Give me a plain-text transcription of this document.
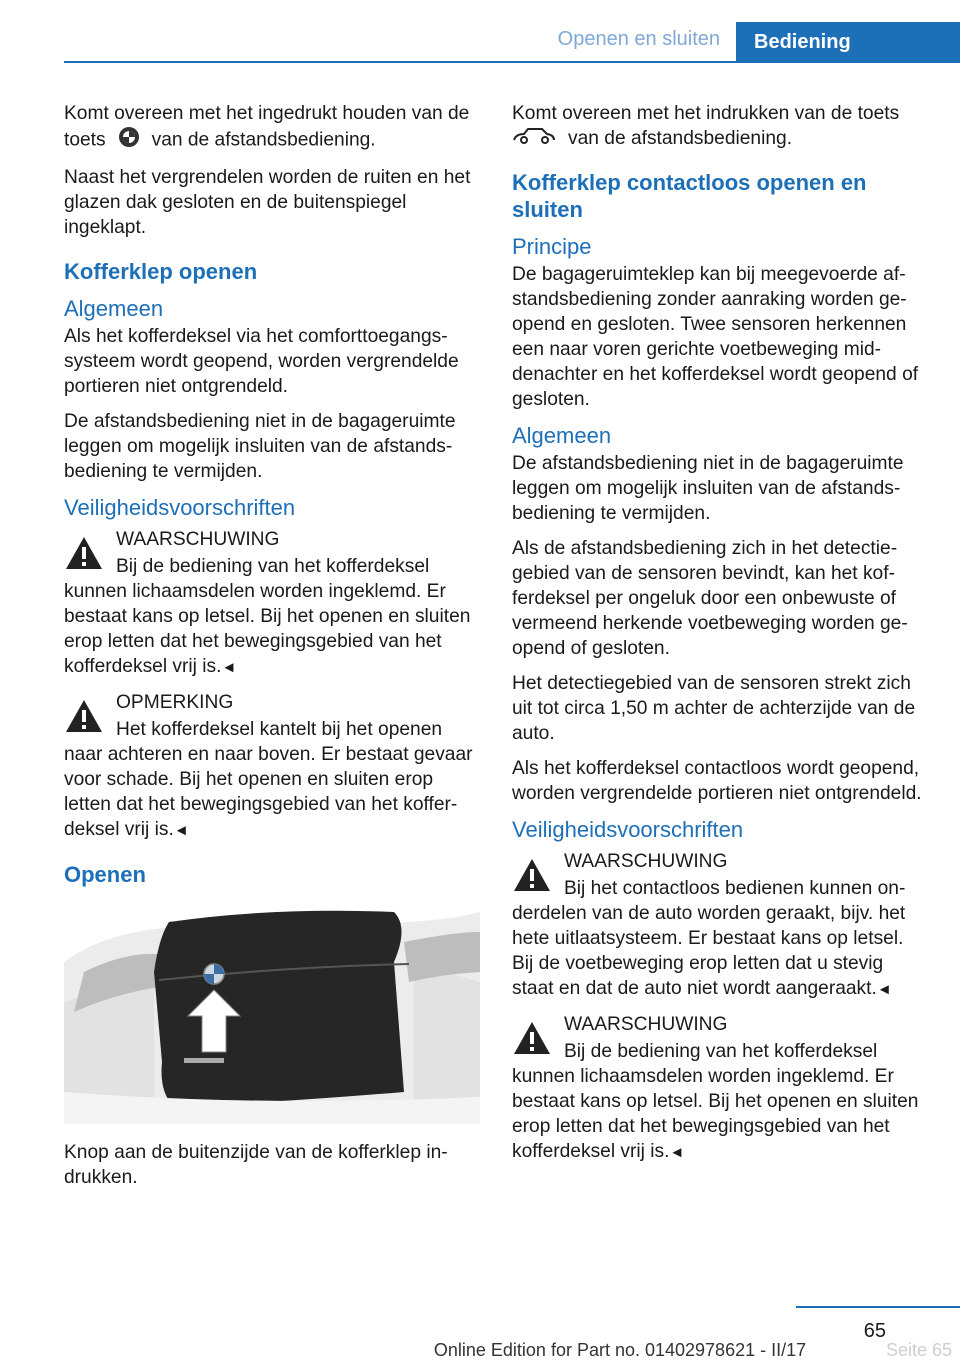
Openen en sluiten	Bediening

Komt overeen met het ingedrukt houden van de toets van de afstandsbediening.

Naast het vergrendelen worden de ruiten en het glazen dak gesloten en de buitenspiegel ingeklapt.

Kofferklep openen
Algemeen

Als het kofferdeksel via het comforttoegangssysteem wordt geopend, worden vergrendelde portieren niet ontgrendeld.

De afstandsbediening niet in de bagageruimte leggen om mogelijk insluiten van de afstandsbediening te vermijden.

Veiligheidsvoorschriften
WAARSCHUWING
Bij de bediening van het kofferdeksel kunnen lichaamsdelen worden ingeklemd. Er bestaat kans op letsel. Bij het openen en sluiten erop letten dat het bewegingsgebied van het kofferdeksel vrij is.◄
OPMERKING
Het kofferdeksel kantelt bij het openen naar achteren en naar boven. Er bestaat gevaar voor schade. Bij het openen en sluiten erop letten dat het bewegingsgebied van het kofferdeksel vrij is.◄
Openen

Knop aan de buitenzijde van de kofferklep indrukken.

Komt overeen met het indrukken van de toets
van de afstandsbediening.

Kofferklep contactloos openen en sluiten
Principe

De bagageruimteklep kan bij meegevoerde afstandsbediening zonder aanraking worden geopend en gesloten. Twee sensoren herkennen een naar voren gerichte voetbeweging middenachter en het kofferdeksel wordt geopend of gesloten.

Algemeen

De afstandsbediening niet in de bagageruimte leggen om mogelijk insluiten van de afstandsbediening te vermijden.

Als de afstandsbediening zich in het detectiegebied van de sensoren bevindt, kan het kofferdeksel per ongeluk door een onbewuste of vermeend herkende voetbeweging worden geopend of gesloten.

Het detectiegebied van de sensoren strekt zich uit tot circa 1,50 m achter de achterzijde van de auto.

Als het kofferdeksel contactloos wordt geopend, worden vergrendelde portieren niet ontgrendeld.

Veiligheidsvoorschriften
WAARSCHUWING
Bij het contactloos bedienen kunnen onderdelen van de auto worden geraakt, bijv. het hete uitlaatsysteem. Er bestaat kans op letsel. Bij de voetbeweging erop letten dat u stevig staat en dat de auto niet wordt aangeraakt.◄
WAARSCHUWING
Bij de bediening van het kofferdeksel kunnen lichaamsdelen worden ingeklemd. Er bestaat kans op letsel. Bij het openen en sluiten erop letten dat het bewegingsgebied van het kofferdeksel vrij is.◄
65
Online Edition for Part no. 01402978621 - II/17	Seite 65
